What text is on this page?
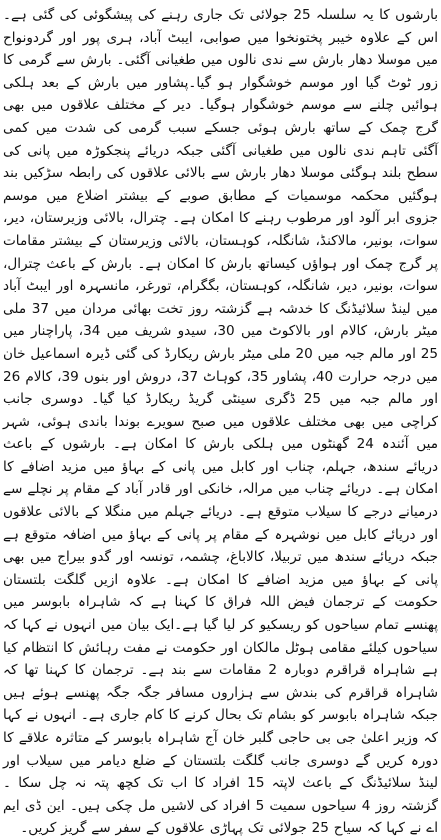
بارشوں کا یہ سلسلہ 25 جولائی تک جاری رہنے کی پیشگوئی کی گئی ہے۔اس کے علاوہ خیبر پختونخوا میں صوابی، ایبٹ آباد، ہری پور اور گردونواح میں موسلا دھار بارش سے ندی نالوں میں طغیانی آگئی۔ بارش سے گرمی کا زور ٹوٹ گیا اور موسم خوشگوار ہو گیا۔پشاور میں بارش کے بعد ہلکی ہوائیں چلنے سے موسم خوشگوار ہوگیا۔ دیر کے مختلف علاقوں میں بھی گرج چمک کے ساتھ بارش ہوئی جسکے سبب گرمی کی شدت میں کمی آگئی تاہم ندی نالوں میں طغیانی آگئی جبکہ دریائے پنجکوڑہ میں پانی کی سطح بلند ہوگئی موسلا دھار بارش سے بالائی علاقوں کی رابطہ سڑکیں بند ہوگئیں محکمہ موسمیات کے مطابق صوبے کے بیشتر اضلاع میں موسم جزوی ابر آلود اور مرطوب رہنے کا امکان ہے۔ چترال، بالائی وزیرستان، دیر، سوات، بونیر، مالاکنڈ، شانگلہ، کوہستان، بالائی وزیرستان کے بیشتر مقامات پر گرج چمک اور ہواؤں کیساتھ بارش کا امکان ہے۔ بارش کے باعث چترال، سوات، بونیر، دیر، شانگلہ، کوہستان، بگگرام، تورغر، مانسہرہ اور ایبٹ آباد میں لینڈ سلائیڈنگ کا خدشہ ہے گزشتہ روز تخت بھائی مردان میں 37 ملی میٹر بارش، کالام اور بالاکوٹ میں 30، سیدو شریف میں 34، پاراچنار میں 25 اور مالم جبہ میں 20 ملی میٹر بارش ریکارڈ کی گئی ڈیرہ اسماعیل خان میں درجہ حرارت 40، پشاور 35، کوہاٹ 37، دروش اور بنوں 39، کالام 26 اور مالم جبہ میں 25 ڈگری سینٹی گریڈ ریکارڈ کیا گیا۔ دوسری جانب کراچی میں بھی مختلف علاقوں میں صبح سویرے بوندا باندی ہوئی، شہر میں آئندہ 24 گھنٹوں میں ہلکی بارش کا امکان ہے۔ بارشوں کے باعث دریائے سندھ، جہلم، چناب اور کابل میں پانی کے بہاؤ میں مزید اضافے کا امکان ہے۔ دریائے چناب میں مرالہ، خانکی اور قادر آباد کے مقام پر نچلے سے درمیانے درجے کا سیلاب متوقع ہے۔ دریائے جہلم میں منگلا کے بالائی علاقوں اور دریائے کابل میں نوشہرہ کے مقام پر پانی کے بہاؤ میں اضافہ متوقع ہے جبکہ دریائے سندھ میں تربیلا، کالاباغ، چشمہ، تونسہ اور گدو بیراج میں بھی پانی کے بہاؤ میں مزید اضافے کا امکان ہے۔ علاوہ ازیں گلگت بلتستان حکومت کے ترجمان فیض اللہ فراق کا کہنا ہے کہ شاہراہ بابوسر میں پھنسے تمام سیاحوں کو ریسکیو کر لیا گیا ہے۔ایک بیان میں انہوں نے کہا کہ سیاحوں کیلئے مقامی ہوٹل مالکان اور حکومت نے مفت رہائش کا انتظام کیا ہے شاہراہ قراقرم دوبارہ 2 مقامات سے بند ہے۔ ترجمان کا کہنا تھا کہ شاہراہ قراقرم کی بندش سے ہزاروں مسافر جگہ جگہ پھنسے ہوئے ہیں جبکہ شاہراہ بابوسر کو بشام تک بحال کرنے کا کام جاری ہے۔ انہوں نے کہا کہ وزیر اعلیٰ جی بی حاجی گلبر خان آج شاہراہ بابوسر کے متاثرہ علاقے کا دورہ کریں گے دوسری جانب گلگت بلتستان کے ضلع دیامر میں سیلاب اور لینڈ سلائیڈنگ کے باعث لاپتہ 15 افراد کا اب تک کچھ پتہ نہ چل سکا ۔ گزشتہ روز 4 سیاحوں سمیت 5 افراد کی لاشیں مل چکی ہیں۔ این ڈی ایم اے نے کہا کہ سیاح 25 جولائی تک پہاڑی علاقوں کے سفر سے گریز کریں۔
